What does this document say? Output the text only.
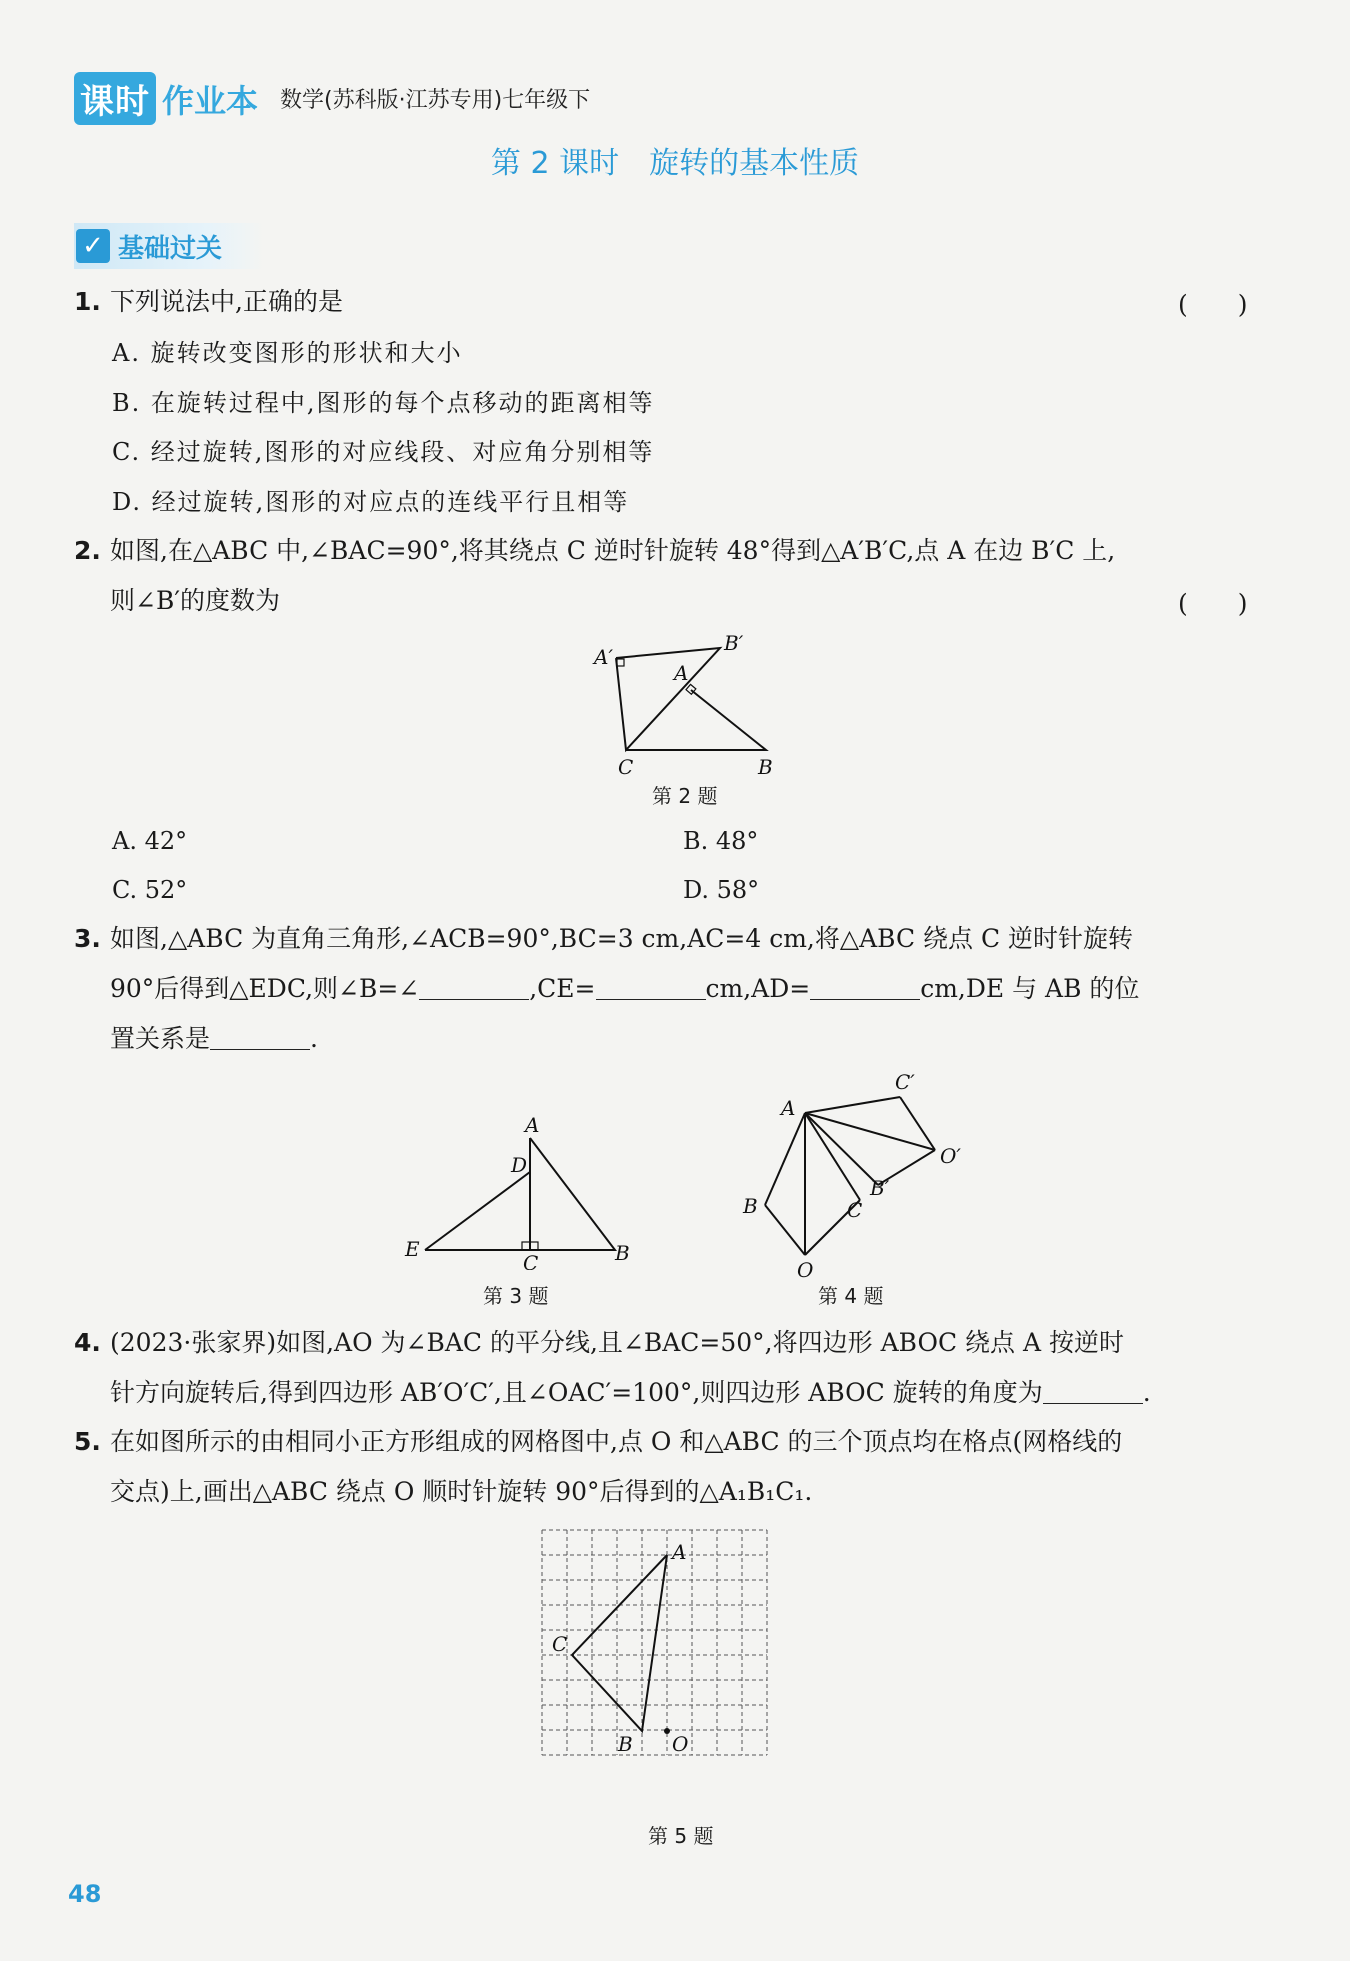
课时 作业本 数学(苏科版·江苏专用)七年级下
第 2 课时　旋转的基本性质
✓ 基础过关
1. 下列说法中,正确的是	(　　)
A. 旋转改变图形的形状和大小
B. 在旋转过程中,图形的每个点移动的距离相等
C. 经过旋转,图形的对应线段、对应角分别相等
D. 经过旋转,图形的对应点的连线平行且相等
2. 如图,在△ABC 中,∠BAC=90°,将其绕点 C 逆时针旋转 48°得到△A′B′C,点 A 在边 B′C 上,
则∠B′的度数为	(　　)
A′
B′
A
C	B
第 2 题
A. 42°	B. 48°
C. 52°	D. 58°
3. 如图,△ABC 为直角三角形,∠ACB=90°,BC=3 cm,AC=4 cm,将△ABC 绕点 C 逆时针旋转
90°后得到△EDC,则∠B=∠	,CE=	cm,AD=	cm,DE 与 AB 的位
置关系是	.
A
D
E
C	B
第 3 题
A
C′
O′
B′
C
B
O
第 4 题
4. (2023·张家界)如图,AO 为∠BAC 的平分线,且∠BAC=50°,将四边形 ABOC 绕点 A 按逆时
针方向旋转后,得到四边形 AB′O′C′,且∠OAC′=100°,则四边形 ABOC 旋转的角度为	.
5. 在如图所示的由相同小正方形组成的网格图中,点 O 和△ABC 的三个顶点均在格点(网格线的
交点)上,画出△ABC 绕点 O 顺时针旋转 90°后得到的△A₁B₁C₁.
A
C
B O
第 5 题
48
